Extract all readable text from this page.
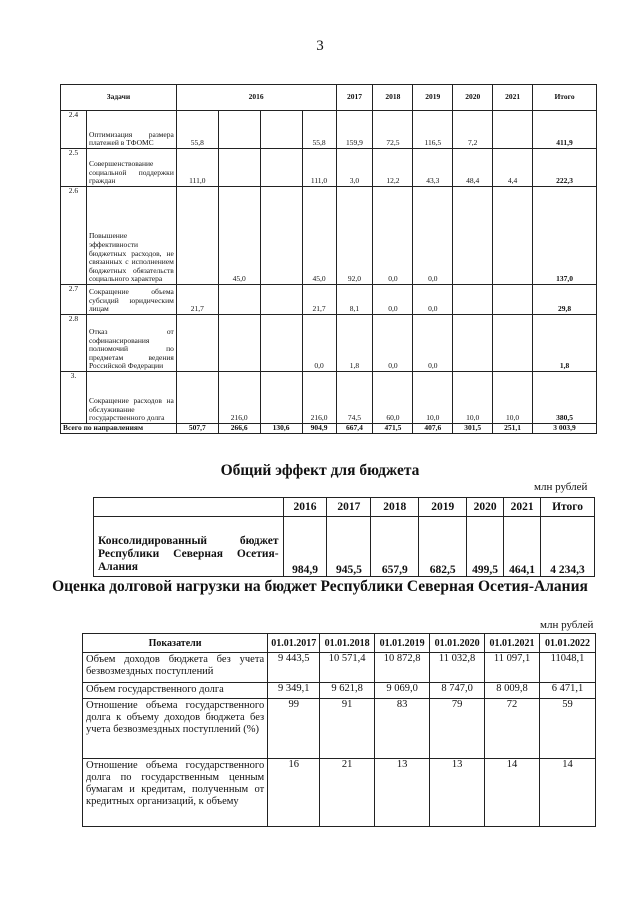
3
Задачи		2016				2017	2018	2019	2020	2021	Итого
2.4	Оптимизация размера платежей в ТФОМС	55,8			55,8	159,9	72,5	116,5	7,2		411,9
2.5	Совершенствование социальной поддержки граждан	111,0			111,0	3,0	12,2	43,3	48,4	4,4	222,3
2.6	Повышение эффективности бюджетных расходов, не связанных с исполнением бюджетных обязательств социального характера		45,0		45,0	92,0	0,0	0,0			137,0
2.7	Сокращение объема субсидий юридическим лицам	21,7			21,7	8,1	0,0	0,0			29,8
2.8	Отказ от софинансирования полномочий по предметам ведения Российской Федерации				0,0	1,8	0,0	0,0			1,8
3.	Сокращение расходов на обслуживание государственного долга		216,0		216,0	74,5	60,0	10,0	10,0	10,0	380,5
Всего по направлениям		507,7	266,6	130,6	904,9	667,4	471,5	407,6	301,5	251,1	3 003,9
Общий эффект для бюджета
млн рублей
	2016	2017	2018	2019	2020	2021	Итого
Консолидированный бюджет Республики Северная Осетия-Алания	984,9	945,5	657,9	682,5	499,5	464,1	4 234,3
Оценка долговой нагрузки на бюджет Республики Северная Осетия-Алания
млн рублей
Показатели	01.01.2017	01.01.2018	01.01.2019	01.01.2020	01.01.2021	01.01.2022
Объем доходов бюджета без учета безвозмездных поступлений	9 443,5	10 571,4	10 872,8	11 032,8	11 097,1	11048,1
Объем государственного долга	9 349,1	9 621,8	9 069,0	8 747,0	8 009,8	6 471,1
Отношение объема государственного долга к объему доходов бюджета без учета безвозмездных поступлений (%)	99	91	83	79	72	59
Отношение объема государственного долга по государственным ценным бумагам и кредитам, полученным от кредитных организаций, к объему	16	21	13	13	14	14
